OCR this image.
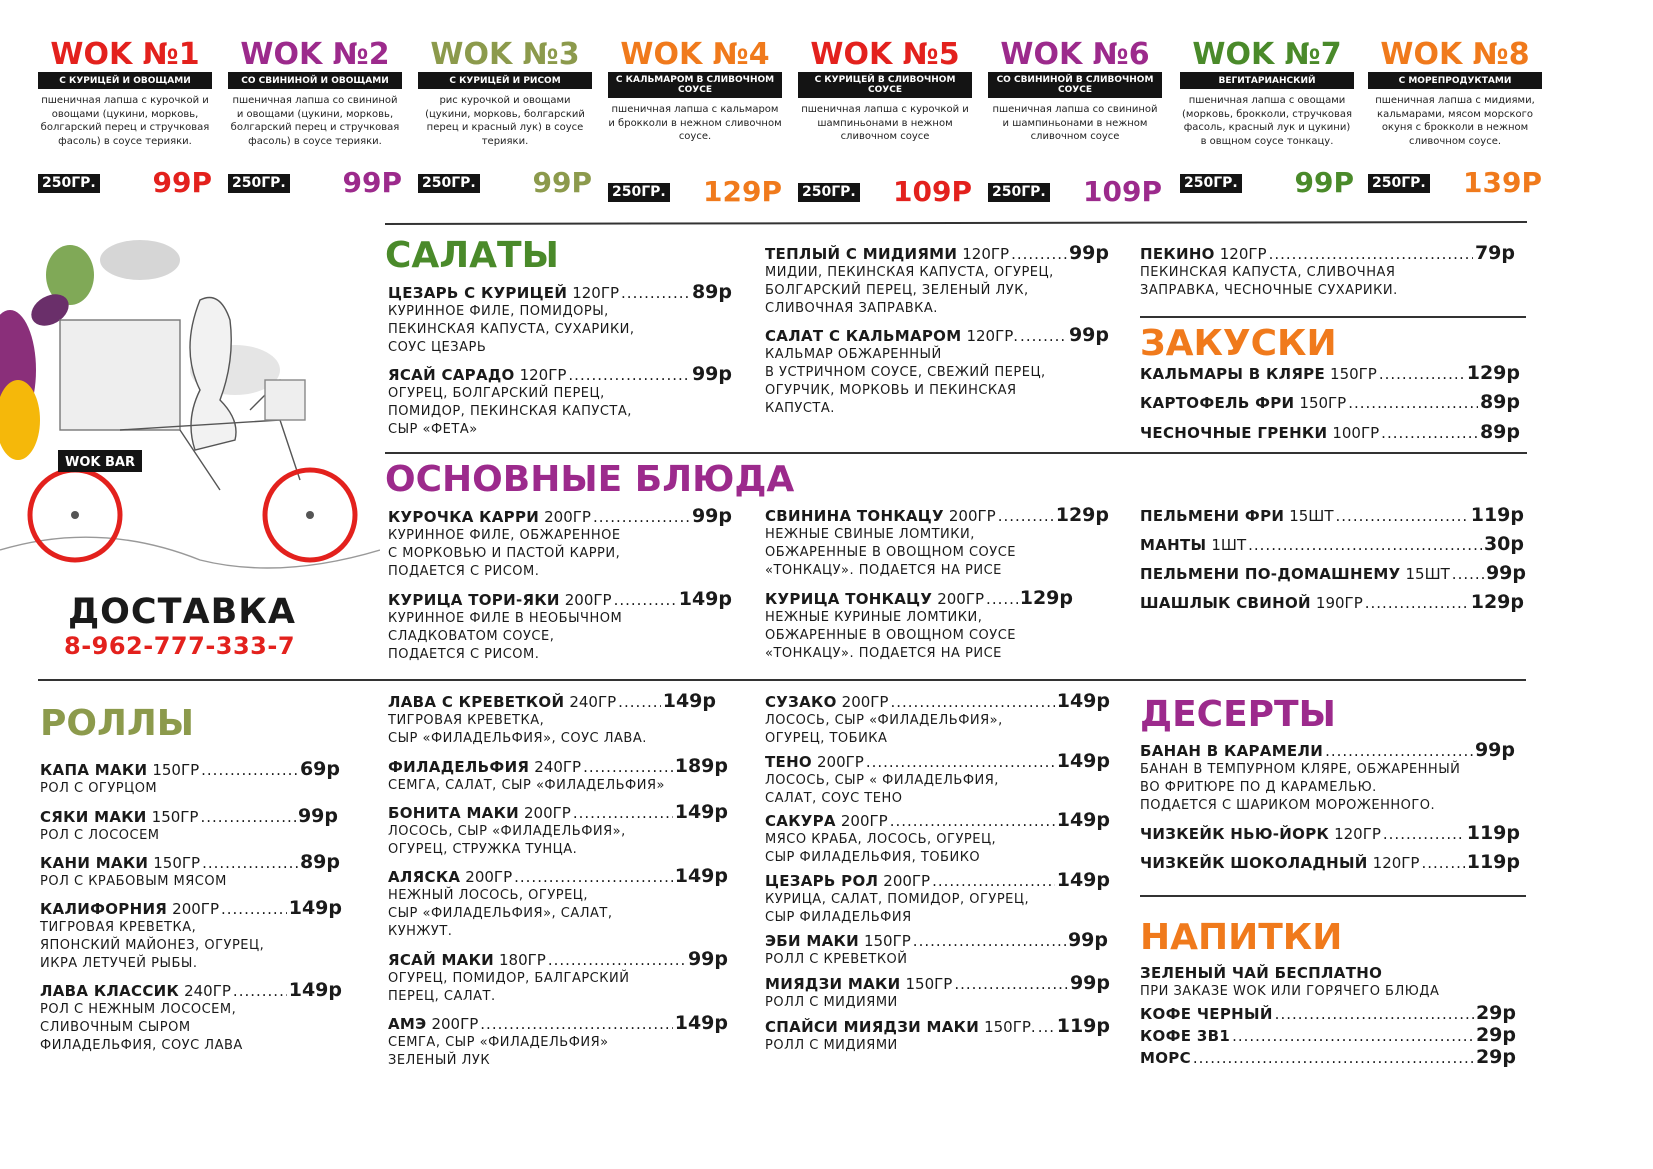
WOK №1
С КУРИЦЕЙ И ОВОЩАМИ
пшеничная лапша с курочкой и овощами (цукини, морковь, болгарский перец и стручковая фасоль) в соусе терияки.
250ГР. 99Р
WOK №2
СО СВИНИНОЙ И ОВОЩАМИ
пшеничная лапша со свининой и овощами (цукини, морковь, болгарский перец и стручковая фасоль) в соусе терияки.
250ГР. 99Р
WOK №3
С КУРИЦЕЙ И РИСОМ
рис курочкой и овощами (цукини, морковь, болгарский перец и красный лук) в соусе терияки.
250ГР. 99Р
WOK №4
С КАЛЬМАРОМ В СЛИВОЧНОМ СОУСЕ
пшеничная лапша с кальмаром и брокколи в нежном сливочном соусе.
250ГР. 129Р
WOK №5
С КУРИЦЕЙ В СЛИВОЧНОМ СОУСЕ
пшеничная лапша с курочкой и шампиньонами в нежном сливочном соусе
250ГР. 109Р
WOK №6
СО СВИНИНОЙ В СЛИВОЧНОМ СОУСЕ
пшеничная лапша со свининой и шампиньонами в нежном сливочном соусе
250ГР. 109Р
WOK №7
ВЕГИТАРИАНСКИЙ
пшеничная лапша с овощами (морковь, брокколи, стручковая фасоль, красный лук и цукини) в овщном соусе тонкацу.
250ГР. 99Р
WOK №8
С МОРЕПРОДУКТАМИ
пшеничная лапша с мидиями, кальмарами, мясом морского окуня с брокколи в нежном сливочном соусе.
250ГР. 139Р
WOK BAR
ДОСТАВКА
8-962-777-333-7
САЛАТЫ
ЗАКУСКИ
ОСНОВНЫЕ БЛЮДА
РОЛЛЫ	ДЕСЕРТЫ
НАПИТКИ
ЦЕЗАРЬ С КУРИЦЕЙ 120ГР .....	89р
КУРИННОЕ ФИЛЕ, ПОМИДОРЫ,
ПЕКИНСКАЯ КАПУСТА, СУХАРИКИ,
СОУС ЦЕЗАРЬ
ЯСАЙ САРАДО 120ГР .....	99р
ОГУРЕЦ, БОЛГАРСКИЙ ПЕРЕЦ,
ПОМИДОР, ПЕКИНСКАЯ КАПУСТА,
СЫР «ФЕТА»
ТЕПЛЫЙ С МИДИЯМИ 120ГР .....	99р
МИДИИ, ПЕКИНСКАЯ КАПУСТА, ОГУРЕЦ,
БОЛГАРСКИЙ ПЕРЕЦ, ЗЕЛЕНЫЙ ЛУК,
СЛИВОЧНАЯ ЗАПРАВКА.
САЛАТ С КАЛЬМАРОМ 120ГР. .....	99р
КАЛЬМАР ОБЖАРЕННЫЙ
В УСТРИЧНОМ СОУСЕ, СВЕЖИЙ ПЕРЕЦ,
ОГУРЧИК, МОРКОВЬ И ПЕКИНСКАЯ
КАПУСТА.
ПЕКИНО 120ГР .....	79р
ПЕКИНСКАЯ КАПУСТА, СЛИВОЧНАЯ
ЗАПРАВКА, ЧЕСНОЧНЫЕ СУХАРИКИ.
КАЛЬМАРЫ В КЛЯРЕ 150ГР .....	129р
КАРТОФЕЛЬ ФРИ 150ГР .....	89р
ЧЕСНОЧНЫЕ ГРЕНКИ 100ГР .....	89р
КУРОЧКА КАРРИ 200ГР .....	99р
КУРИННОЕ ФИЛЕ, ОБЖАРЕННОЕ
С МОРКОВЬЮ И ПАСТОЙ КАРРИ,
ПОДАЕТСЯ С РИСОМ.
КУРИЦА ТОРИ-ЯКИ 200ГР .....	149р
КУРИННОЕ ФИЛЕ В НЕОБЫЧНОМ
СЛАДКОВАТОМ СОУСЕ,
ПОДАЕТСЯ С РИСОМ.
СВИНИНА ТОНКАЦУ 200ГР .....	129р
НЕЖНЫЕ СВИНЫЕ ЛОМТИКИ,
ОБЖАРЕННЫЕ В ОВОЩНОМ СОУСЕ
«ТОНКАЦУ». ПОДАЕТСЯ НА РИСЕ
КУРИЦА ТОНКАЦУ 200ГР ..... 129р
НЕЖНЫЕ КУРИНЫЕ ЛОМТИКИ,
ОБЖАРЕННЫЕ В ОВОЩНОМ СОУСЕ
«ТОНКАЦУ». ПОДАЕТСЯ НА РИСЕ
ПЕЛЬМЕНИ ФРИ 15ШТ .....	119р
МАНТЫ 1ШТ .....	30р
ПЕЛЬМЕНИ ПО-ДОМАШНЕМУ 15ШТ ..... 99р
ШАШЛЫК СВИНОЙ 190ГР .....	129р
КАПА МАКИ 150ГР .....	69р
РОЛ С ОГУРЦОМ
СЯКИ МАКИ 150ГР .....	99р
РОЛ С ЛОСОСЕМ
КАНИ МАКИ 150ГР .....	89р
РОЛ С КРАБОВЫМ МЯСОМ
КАЛИФОРНИЯ 200ГР .....	149р
ТИГРОВАЯ КРЕВЕТКА,
ЯПОНСКИЙ МАЙОНЕЗ, ОГУРЕЦ,
ИКРА ЛЕТУЧЕЙ РЫБЫ.
ЛАВА КЛАССИК 240ГР .....	149р
РОЛ С НЕЖНЫМ ЛОСОСЕМ,
СЛИВОЧНЫМ СЫРОМ
ФИЛАДЕЛЬФИЯ, СОУС ЛАВА
ЛАВА С КРЕВЕТКОЙ 240ГР ..... 149р
ТИГРОВАЯ КРЕВЕТКА,
СЫР «ФИЛАДЕЛЬФИЯ», СОУС ЛАВА.
ФИЛАДЕЛЬФИЯ 240ГР .....	189р
СЕМГА, САЛАТ, СЫР «ФИЛАДЕЛЬФИЯ»
БОНИТА МАКИ 200ГР .....	149р
ЛОСОСЬ, СЫР «ФИЛАДЕЛЬФИЯ»,
ОГУРЕЦ, СТРУЖКА ТУНЦА.
АЛЯСКА 200ГР .....	149р
НЕЖНЫЙ ЛОСОСЬ, ОГУРЕЦ,
СЫР «ФИЛАДЕЛЬФИЯ», САЛАТ,
КУНЖУТ.
ЯСАЙ МАКИ 180ГР .....	99р
ОГУРЕЦ, ПОМИДОР, БАЛГАРСКИЙ
ПЕРЕЦ, САЛАТ.
АМЭ 200ГР .....	149р
СЕМГА, СЫР «ФИЛАДЕЛЬФИЯ»
ЗЕЛЕНЫЙ ЛУК
СУЗАКО 200ГР .....	149р
ЛОСОСЬ, СЫР «ФИЛАДЕЛЬФИЯ»,
ОГУРЕЦ, ТОБИКА
ТЕНО 200ГР .....	149р
ЛОСОСЬ, СЫР « ФИЛАДЕЛЬФИЯ,
САЛАТ, СОУС ТЕНО
САКУРА 200ГР .....	149р
МЯСО КРАБА, ЛОСОСЬ, ОГУРЕЦ,
СЫР ФИЛАДЕЛЬФИЯ, ТОБИКО
ЦЕЗАРЬ РОЛ 200ГР .....	149р
КУРИЦА, САЛАТ, ПОМИДОР, ОГУРЕЦ,
СЫР ФИЛАДЕЛЬФИЯ
ЭБИ МАКИ 150ГР .....	99р
РОЛЛ С КРЕВЕТКОЙ
МИЯДЗИ МАКИ 150ГР .....	99р
РОЛЛ С МИДИЯМИ
СПАЙСИ МИЯДЗИ МАКИ 150ГР. ..... 119р
РОЛЛ С МИДИЯМИ
БАНАН В КАРАМЕЛИ .....	99р
БАНАН В ТЕМПУРНОМ КЛЯРЕ, ОБЖАРЕННЫЙ
ВО ФРИТЮРЕ ПО Д КАРАМЕЛЬЮ.
ПОДАЕТСЯ С ШАРИКОМ МОРОЖЕННОГО.
ЧИЗКЕЙК НЬЮ-ЙОРК 120ГР .....	119р
ЧИЗКЕЙК ШОКОЛАДНЫЙ 120ГР ..... 119р
ЗЕЛЕНЫЙ ЧАЙ БЕСПЛАТНО
ПРИ ЗАКАЗЕ WOK ИЛИ ГОРЯЧЕГО БЛЮДА
КОФЕ ЧЕРНЫЙ .....	29р
КОФЕ 3В1 .....	29р
МОРС .....	29р
